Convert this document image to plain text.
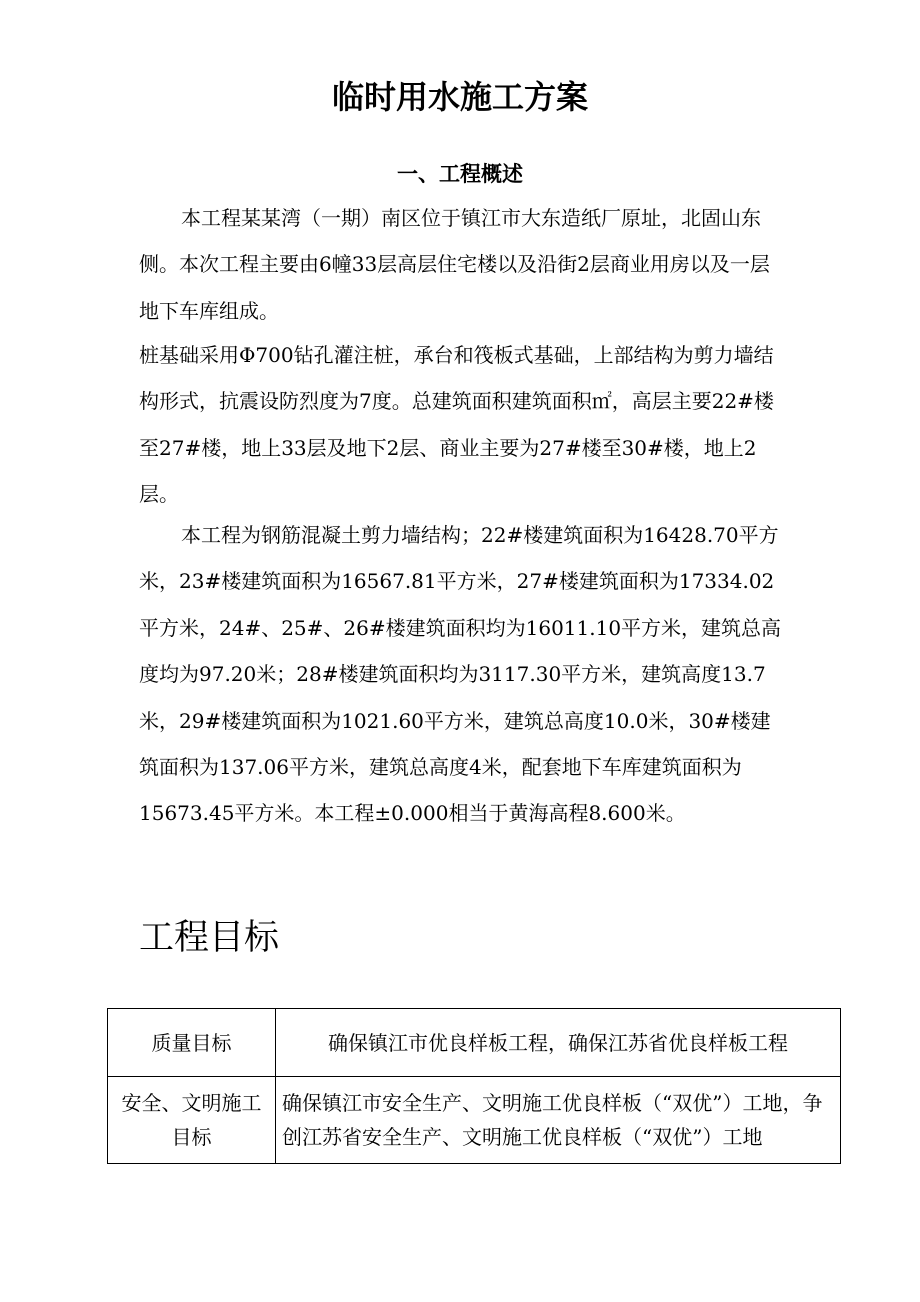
临时用水施工方案
一、工程概述

本工程某某湾（一期）南区位于镇江市大东造纸厂原址，北固山东侧。本次工程主要由6幢33层高层住宅楼以及沿街2层商业用房以及一层地下车库组成。

桩基础采用Φ700钻孔灌注桩，承台和筏板式基础，上部结构为剪力墙结构形式，抗震设防烈度为7度。总建筑面积建筑面积㎡，高层主要22#楼至27#楼，地上33层及地下2层、商业主要为27#楼至30#楼，地上2层。

本工程为钢筋混凝土剪力墙结构；22#楼建筑面积为16428.70平方米，23#楼建筑面积为16567.81平方米，27#楼建筑面积为17334.02平方米，24#、25#、26#楼建筑面积均为16011.10平方米，建筑总高度均为97.20米；28#楼建筑面积均为3117.30平方米，建筑高度13.7米，29#楼建筑面积为1021.60平方米，建筑总高度10.0米，30#楼建筑面积为137.06平方米，建筑总高度4米，配套地下车库建筑面积为15673.45平方米。本工程±0.000相当于黄海高程8.600米。

工程目标
质量目标	确保镇江市优良样板工程，确保江苏省优良样板工程
安全、文明施工目标	确保镇江市安全生产、文明施工优良样板（“双优”）工地，争创江苏省安全生产、文明施工优良样板（“双优”）工地
